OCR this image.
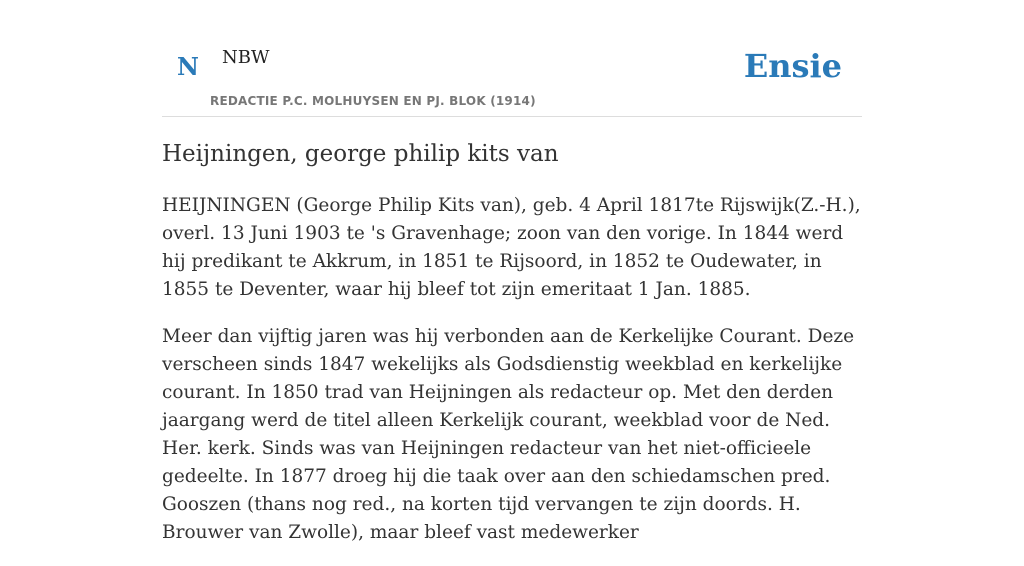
N NBW
REDACTIE P.C. MOLHUYSEN EN PJ. BLOK (1914)
Ensie
Heijningen, george philip kits van

HEIJNINGEN (George Philip Kits van), geb. 4 April 1817te Rijswijk(Z.-H.), overl. 13 Juni 1903 te 's Gravenhage; zoon van den vorige. In 1844 werd hij predikant te Akkrum, in 1851 te Rijsoord, in 1852 te Oudewater, in 1855 te Deventer, waar hij bleef tot zijn emeritaat 1 Jan. 1885.

Meer dan vijftig jaren was hij verbonden aan de Kerkelijke Courant. Deze verscheen sinds 1847 wekelijks als Godsdienstig weekblad en kerkelijke courant. In 1850 trad van Heijningen als redacteur op. Met den derden jaargang werd de titel alleen Kerkelijk courant, weekblad voor de Ned. Her. kerk. Sinds was van Heijningen redacteur van het niet-officieele gedeelte. In 1877 droeg hij die taak over aan den schiedamschen pred. Gooszen (thans nog red., na korten tijd vervangen te zijn doords. H. Brouwer van Zwolle), maar bleef vast medewerker
